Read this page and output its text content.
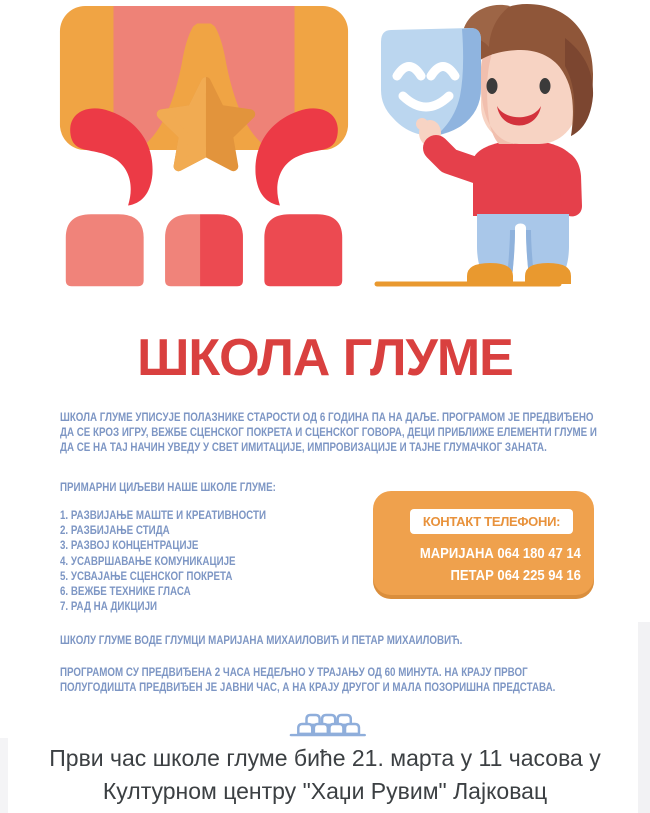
ШКОЛА ГЛУМЕ
ШКОЛА ГЛУМЕ УПИСУЈЕ ПОЛАЗНИКЕ СТАРОСТИ ОД 6 ГОДИНА ПА НА ДАЉЕ. ПРОГРАМОМ ЈЕ ПРЕДВИЂЕНО ДА СЕ КРОЗ ИГРУ, ВЕЖБЕ СЦЕНСКОГ ПОКРЕТА И СЦЕНСКОГ ГОВОРА, ДЕЦИ ПРИБЛИЖЕ ЕЛЕМЕНТИ ГЛУМЕ И ДА СЕ НА ТАЈ НАЧИН УВЕДУ У СВЕТ ИМИТАЦИЈЕ, ИМПРОВИЗАЦИЈЕ И ТАЈНЕ ГЛУМАЧКОГ ЗАНАТА.
ПРИМАРНИ ЦИЉЕВИ НАШЕ ШКОЛЕ ГЛУМЕ:
1. РАЗВИЈАЊЕ МАШТЕ И КРЕАТИВНОСТИ
2. РАЗБИЈАЊЕ СТИДА
3. РАЗВОЈ КОНЦЕНТРАЦИЈЕ
4. УСАВРШАВАЊЕ КОМУНИКАЦИЈЕ
5. УСВАЈАЊЕ СЦЕНСКОГ ПОКРЕТА
6. ВЕЖБЕ ТЕХНИКЕ ГЛАСА
7. РАД НА ДИКЦИЈИ
КОНТАКТ ТЕЛЕФОНИ:
МАРИЈАНА 064 180 47 14
ПЕТАР 064 225 94 16
ШКОЛУ ГЛУМЕ ВОДЕ ГЛУМЦИ МАРИЈАНА МИХАИЛОВИЋ И ПЕТАР МИХАИЛОВИЋ.
ПРОГРАМОМ СУ ПРЕДВИЂЕНА 2 ЧАСА НЕДЕЉНО У ТРАЈАЊУ ОД 60 МИНУТА. НА КРАЈУ ПРВОГ ПОЛУГОДИШТА ПРЕДВИЂЕН ЈЕ ЈАВНИ ЧАС, А НА КРАЈУ ДРУГОГ И МАЛА ПОЗОРИШНА ПРЕДСТАВА.
Први час школе глуме биће 21. марта у 11 часова у
Културном центру "Хаџи Рувим" Лајковац
